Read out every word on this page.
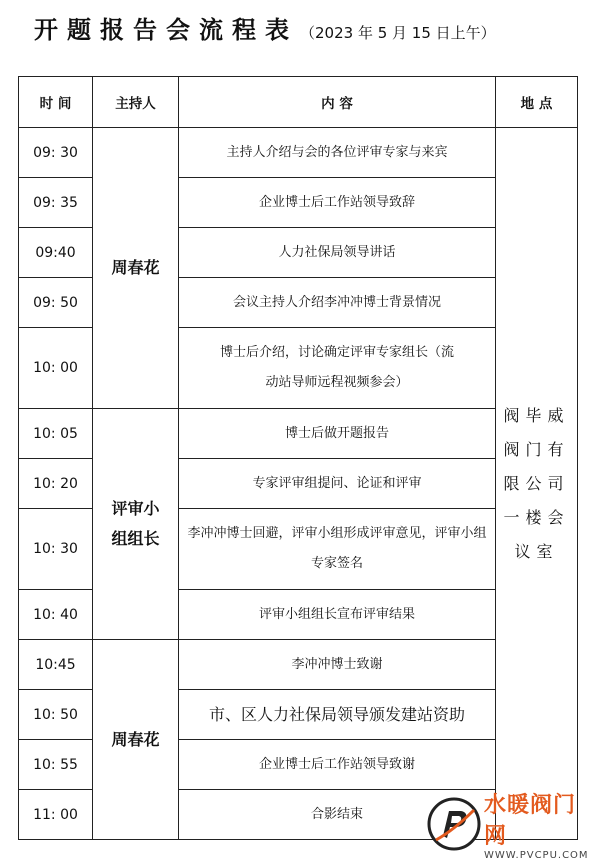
开题报告会流程表 （2023 年 5 月 15 日上午）
时 间	主持人	内 容	地 点
09: 30	周春花	主持人介绍与会的各位评审专家与来宾	阀毕威阀门有限公司一楼会议室

09: 35		企业博士后工作站领导致辞	
09:40		人力社保局领导讲话	
09: 50		会议主持人介绍李冲冲博士背景情况	
10: 00		博士后介绍，讨论确定评审专家组长（流动站导师远程视频参会）	

10: 05	评审小组组长	博士后做开题报告	
10: 20		专家评审组提问、论证和评审	
10: 30		李冲冲博士回避，评审小组形成评审意见，评审小组专家签名	

10: 40		评审小组组长宣布评审结果	
10:45	周春花	李冲冲博士致谢	
10: 50		市、区人力社保局领导颁发建站资助	
10: 55		企业博士后工作站领导致谢	
11: 00		合影结束		水暖阀门网
WWW.PVCPU.COM
